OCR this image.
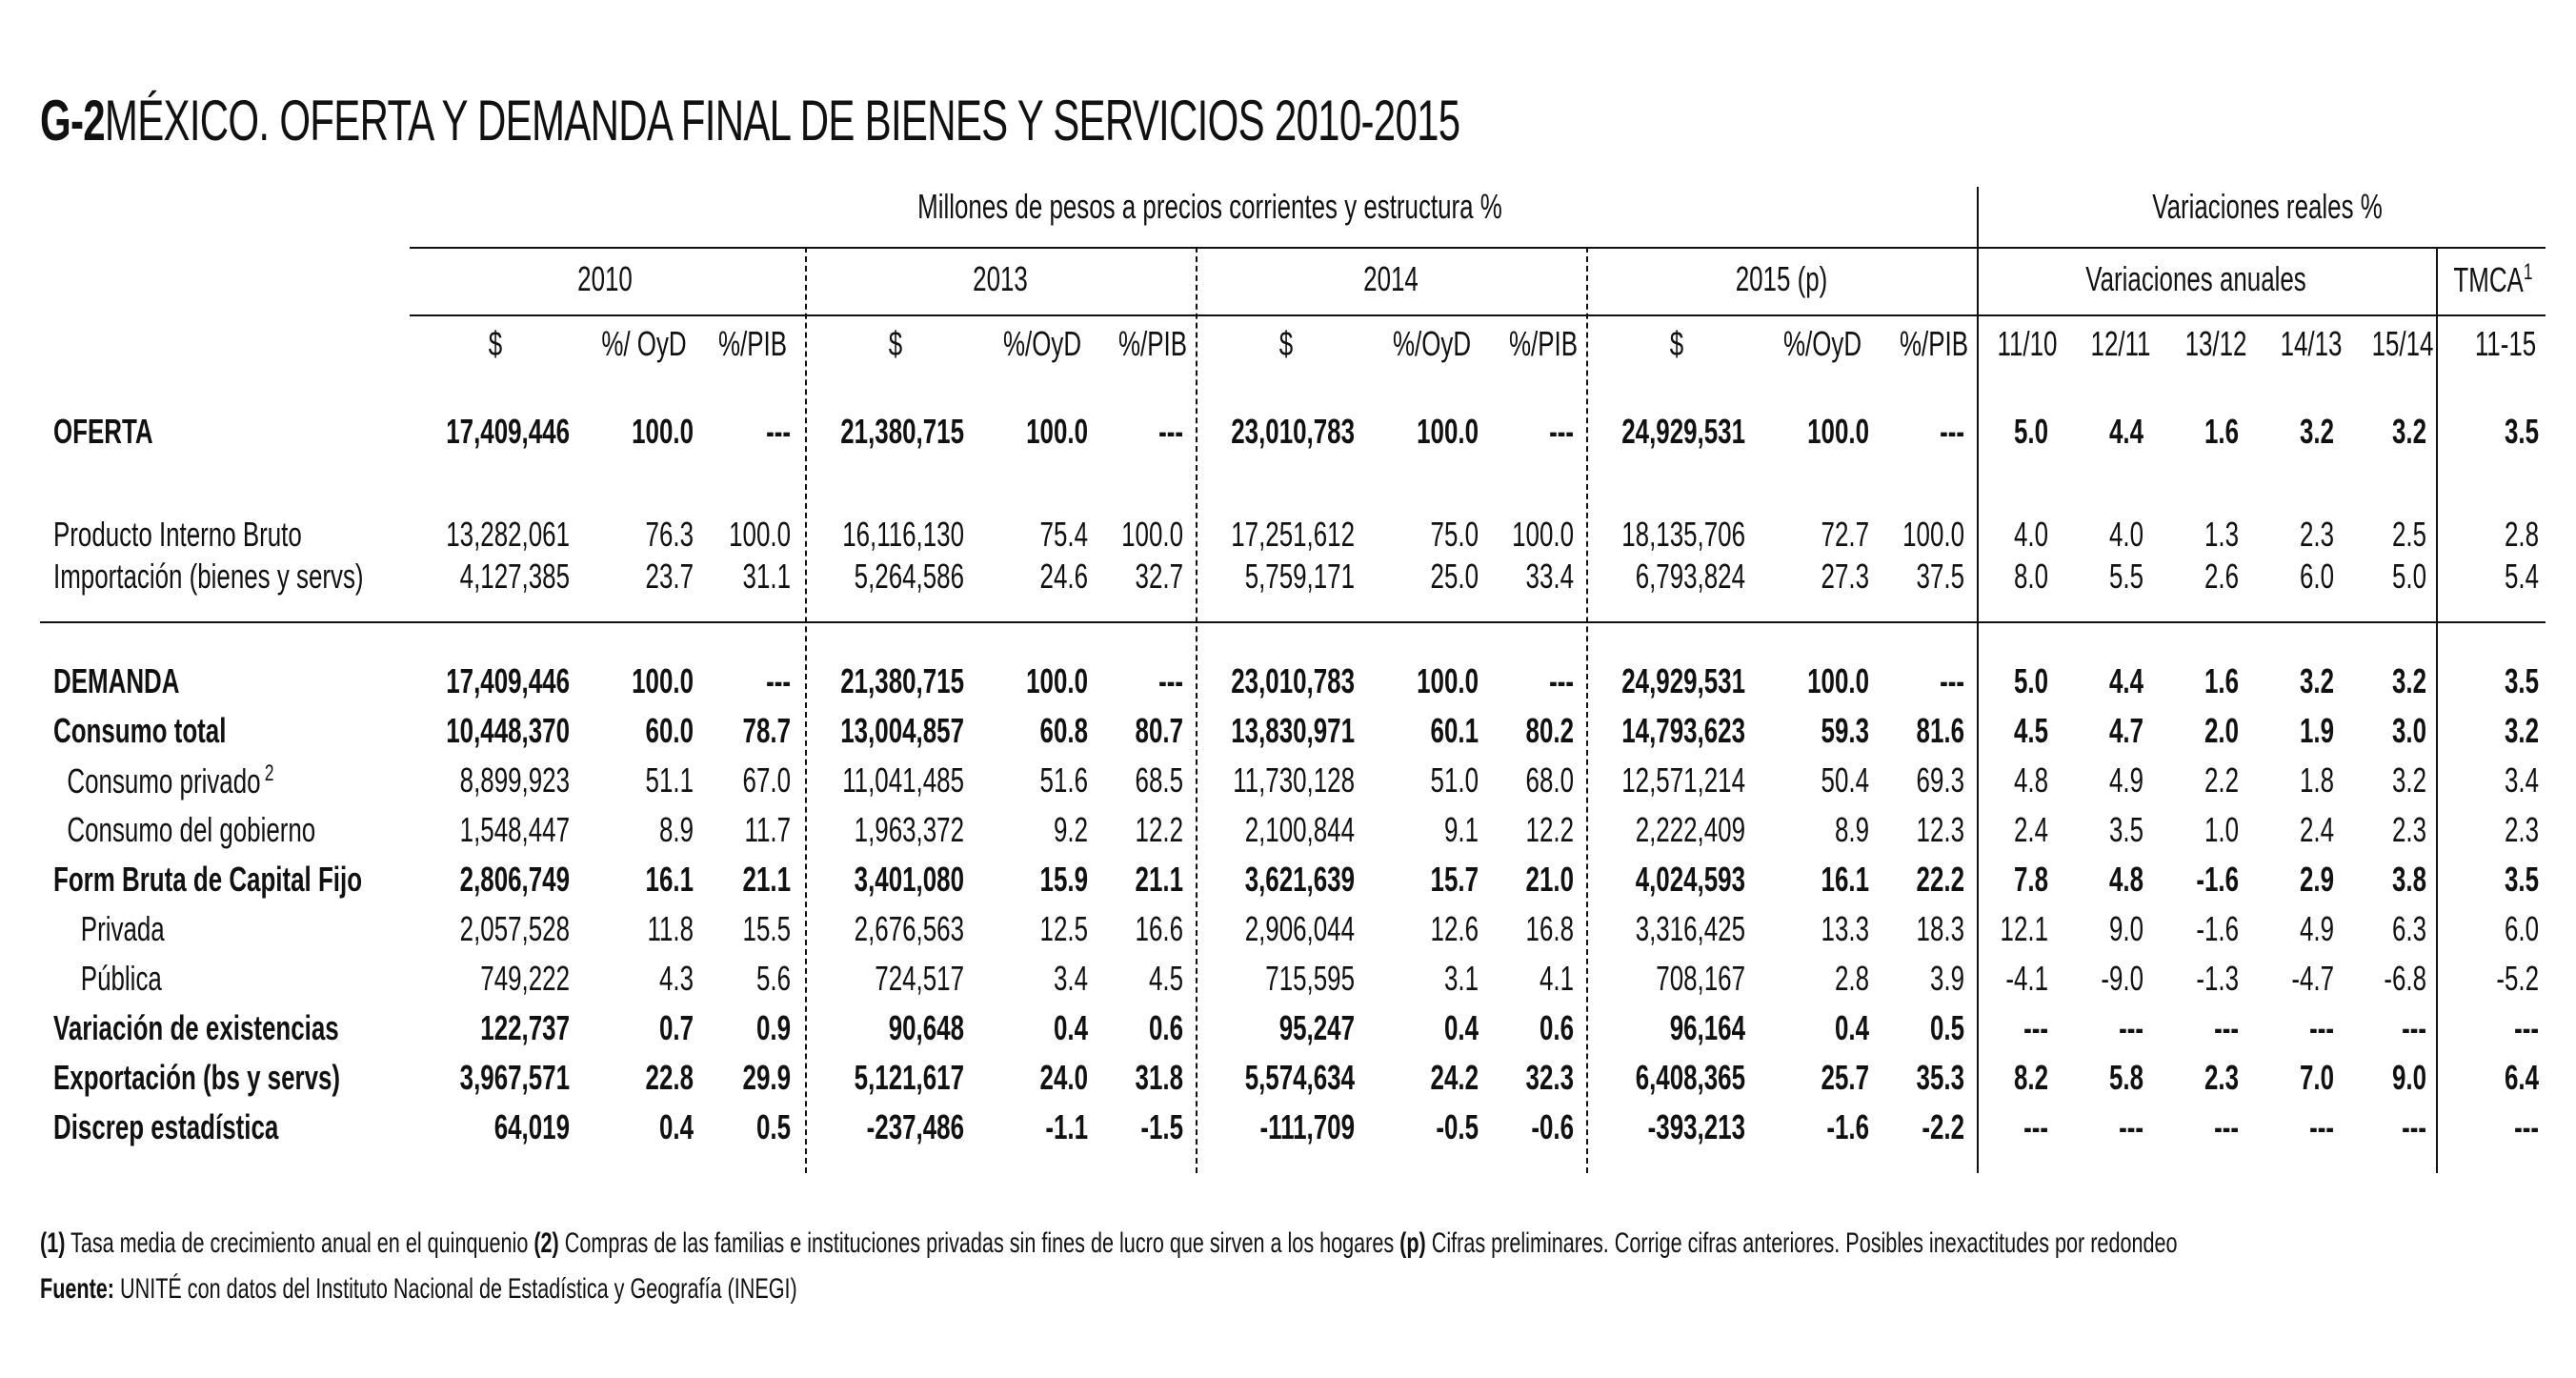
G-2MÉXICO. OFERTA Y DEMANDA FINAL DE BIENES Y SERVICIOS 2010-2015
Millones de pesos a precios corrientes y estructura %	Variaciones reales %
2010	2013	2014	2015 (p)	Variaciones anuales	TMCA$^1$
$	%/ OyD %/PIB	$	%/OyD	%/PIB	$	%/OyD	%/PIB	$	%/OyD	%/PIB 11/10 12/11	13/12 14/13 15/14	11-15
OFERTA	17,409,446	100.0	---	21,380,715	100.0	---	23,010,783	100.0	---	24,929,531	100.0	---	5.0	4.4	1.6	3.2	3.2	3.5
Producto Interno Bruto	13,282,061	76.3	100.0	16,116,130	75.4 100.0	17,251,612	75.0 100.0	18,135,706	72.7 100.0	4.0	4.0	1.3	2.3	2.5	2.8
Importación (bienes y servs)	4,127,385	23.7	31.1	5,264,586	24.6	32.7	5,759,171	25.0	33.4	6,793,824	27.3	37.5	8.0	5.5	2.6	6.0	5.0	5.4
DEMANDA	17,409,446	100.0	---	21,380,715	100.0	---	23,010,783	100.0	---	24,929,531	100.0	---	5.0	4.4	1.6	3.2	3.2	3.5
Consumo total	10,448,370	60.0	78.7	13,004,857	60.8	80.7	13,830,971	60.1	80.2	14,793,623	59.3	81.6	4.5	4.7	2.0	1.9	3.0	3.2
Consumo privado $^2$	8,899,923	51.1	67.0	11,041,485	51.6	68.5	11,730,128	51.0	68.0	12,571,214	50.4	69.3	4.8	4.9	2.2	1.8	3.2	3.4
Consumo del gobierno	1,548,447	8.9	11.7	1,963,372	9.2	12.2	2,100,844	9.1	12.2	2,222,409	8.9	12.3	2.4	3.5	1.0	2.4	2.3	2.3
Form Bruta de Capital Fijo	2,806,749	16.1	21.1	3,401,080	15.9	21.1	3,621,639	15.7	21.0	4,024,593	16.1	22.2	7.8	4.8	-1.6	2.9	3.8	3.5
Privada	2,057,528	11.8	15.5	2,676,563	12.5	16.6	2,906,044	12.6	16.8	3,316,425	13.3	18.3	12.1	9.0	-1.6	4.9	6.3	6.0
Pública	749,222	4.3	5.6	724,517	3.4	4.5	715,595	3.1	4.1	708,167	2.8	3.9	-4.1	-9.0	-1.3	-4.7	-6.8	-5.2
Variación de existencias	122,737	0.7	0.9	90,648	0.4	0.6	95,247	0.4	0.6	96,164	0.4	0.5	---	---	---	---	---	---
Exportación (bs y servs)	3,967,571	22.8	29.9	5,121,617	24.0	31.8	5,574,634	24.2	32.3	6,408,365	25.7	35.3	8.2	5.8	2.3	7.0	9.0	6.4
Discrep estadística	64,019	0.4	0.5	-237,486	-1.1	-1.5	-111,709	-0.5	-0.6	-393,213	-1.6	-2.2	---	---	---	---	---	---
(1) Tasa media de crecimiento anual en el quinquenio (2) Compras de las familias e instituciones privadas sin fines de lucro que sirven a los hogares (p) Cifras preliminares. Corrige cifras anteriores. Posibles inexactitudes por redondeo
Fuente: UNITÉ con datos del Instituto Nacional de Estadística y Geografía (INEGI)
